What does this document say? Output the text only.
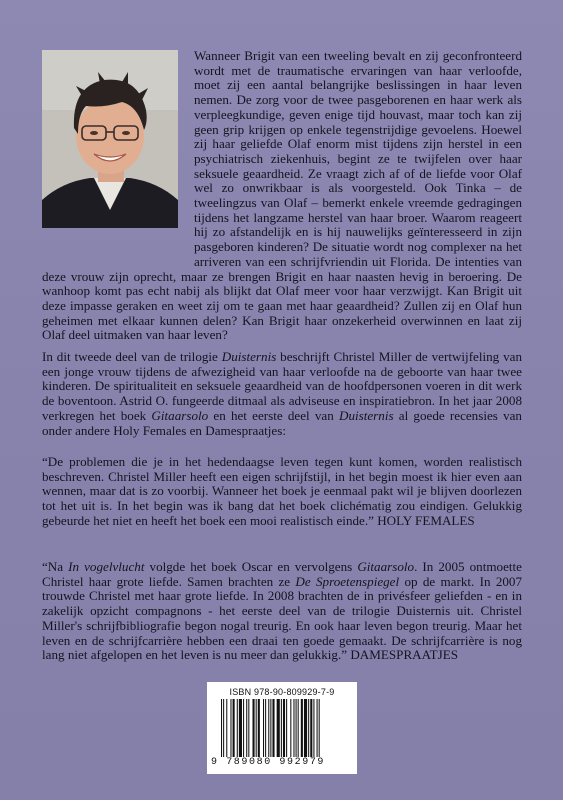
Wanneer Brigit van een tweeling bevalt en zij geconfronteerd wordt met de traumatische ervaringen van haar verloofde, moet zij een aantal belangrijke beslissingen in haar leven nemen. De zorg voor de twee pasgeborenen en haar werk als verpleegkundige, geven enige tijd houvast, maar toch kan zij geen grip krijgen op enkele tegenstrijdige gevoelens. Hoewel zij haar geliefde Olaf enorm mist tijdens zijn herstel in een psychiatrisch ziekenhuis, begint ze te twijfelen over haar seksuele geaardheid. Ze vraagt zich af of de liefde voor Olaf wel zo onwrikbaar is als voorgesteld. Ook Tinka – de tweelingzus van Olaf – bemerkt enkele vreemde gedragingen tijdens het langzame herstel van haar broer. Waarom reageert hij zo afstandelijk en is hij nauwelijks geïnteresseerd in zijn pasgeboren kinderen? De situatie wordt nog complexer na het arriveren van een schrijfvriendin uit Florida. De intenties van deze vrouw zijn oprecht, maar ze brengen Brigit en haar naasten hevig in beroering. De wanhoop komt pas echt nabij als blijkt dat Olaf meer voor haar verzwijgt. Kan Brigit uit deze impasse geraken en weet zij om te gaan met haar geaardheid? Zullen zij en Olaf hun geheimen met elkaar kunnen delen? Kan Brigit haar onzekerheid overwinnen en laat zij Olaf deel uitmaken van haar leven?

In dit tweede deel van de trilogie Duisternis beschrijft Christel Miller de vertwijfeling van een jonge vrouw tijdens de afwezigheid van haar verloofde na de geboorte van haar twee kinderen. De spiritualiteit en seksuele geaardheid van de hoofdpersonen voeren in dit werk de boventoon. Astrid O. fungeerde ditmaal als adviseuse en inspiratiebron. In het jaar 2008 verkregen het boek Gitaarsolo en het eerste deel van Duisternis al goede recensies van onder andere Holy Females en Damespraatjes:

“De problemen die je in het hedendaagse leven tegen kunt komen, worden realistisch beschreven. Christel Miller heeft een eigen schrijfstijl, in het begin moest ik hier even aan wennen, maar dat is zo voorbij. Wanneer het boek je eenmaal pakt wil je blijven doorlezen tot het uit is. In het begin was ik bang dat het boek clichématig zou eindigen. Gelukkig gebeurde het niet en heeft het boek een mooi realistisch einde.” HOLY FEMALES

“Na In vogelvlucht volgde het boek Oscar en vervolgens Gitaarsolo. In 2005 ontmoette Christel haar grote liefde. Samen brachten ze De Sproetenspiegel op de markt. In 2007 trouwde Christel met haar grote liefde. In 2008 brachten de in privésfeer geliefden - en in zakelijk opzicht compagnons - het eerste deel van de trilogie Duisternis uit. Christel Miller's schrijfbibliografie begon nogal treurig. En ook haar leven begon treurig. Maar het leven en de schrijfcarrière hebben een draai ten goede gemaakt. De schrijfcarrière is nog lang niet afgelopen en het leven is nu meer dan gelukkig.” DAMESPRAATJES

ISBN 978-90-809929-7-9
9 789080 992979
